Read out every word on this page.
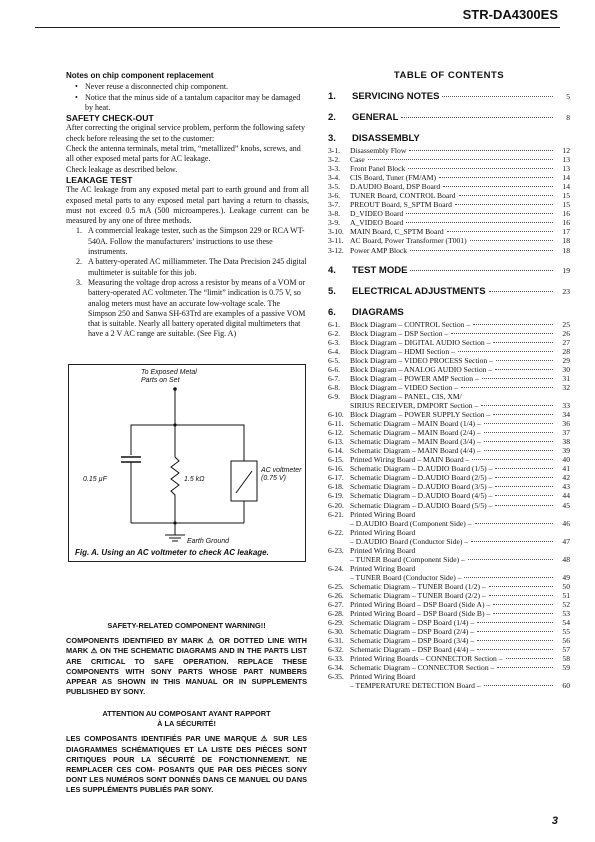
STR-DA4300ES

Notes on chip component replacement

• Never reuse a disconnected chip component.
• Notice that the minus side of a tantalum capacitor may be damaged by heat.

SAFETY CHECK-OUT

After correcting the original service problem, perform the following safety check before releasing the set to the customer:

Check the antenna terminals, metal trim, “metallized” knobs, screws, and all other exposed metal parts for AC leakage.

Check leakage as described below.

LEAKAGE TEST

The AC leakage from any exposed metal part to earth ground and from all exposed metal parts to any exposed metal part having a return to chassis, must not exceed 0.5 mA (500 microamperes.). Leakage current can be measured by any one of three methods.

1. A commercial leakage tester, such as the Simpson 229 or RCA WT-540A. Follow the manufacturers’ instructions to use these instruments.
2. A battery-operated AC milliammeter. The Data Precision 245 digital multimeter is suitable for this job.
3. Measuring the voltage drop across a resistor by means of a VOM or battery-operated AC voltmeter. The “limit” indication is 0.75 V, so analog meters must have an accurate low-voltage scale. The Simpson 250 and Sanwa SH-63Trd are examples of a passive VOM that is suitable. Nearly all battery operated digital multimeters that have a 2 V AC range are suitable. (See Fig. A)
To Exposed Metal Parts on Set
0.15 µF	1.5 kΩ
AC voltmeter (0.75 V)
Earth Ground
Fig. A. Using an AC voltmeter to check AC leakage.
SAFETY-RELATED COMPONENT WARNING!!
COMPONENTS IDENTIFIED BY MARK ⚠ OR DOTTED LINE WITH MARK ⚠ ON THE SCHEMATIC DIAGRAMS AND IN THE PARTS LIST ARE CRITICAL TO SAFE OPERATION. REPLACE THESE COMPONENTS WITH SONY PARTS WHOSE PART NUMBERS APPEAR AS SHOWN IN THIS MANUAL OR IN SUPPLEMENTS PUBLISHED BY SONY.
ATTENTION AU COMPOSANT AYANT RAPPORT
À LA SÉCURITÉ!
LES COMPOSANTS IDENTIFIÉS PAR UNE MARQUE ⚠ SUR LES DIAGRAMMES SCHÉMATIQUES ET LA LISTE DES PIÈCES SONT CRITIQUES POUR LA SÉCURITÉ DE FONCTIONNEMENT. NE REMPLACER CES COM- POSANTS QUE PAR DES PIÈCES SONY DONT LES NUMÉROS SONT DONNÉS DANS CE MANUEL OU DANS LES SUPPLÉMENTS PUBLIÉS PAR SONY.
TABLE OF CONTENTS
1.	SERVICING NOTES	5
2.	GENERAL	8
3.	DISASSEMBLY
3-1.	Disassembly Flow	12
3-2.	Case	13
3-3.	Front Panel Block	13
3-4.	CIS Board, Tuner (FM/AM)	14
3-5.	D.AUDIO Board, DSP Board	14
3-6.	TUNER Board, CONTROL Board	15
3-7.	PREOUT Board, S_SPTM Board	15
3-8.	D_VIDEO Board	16
3-9.	A_VIDEO Board	16
3-10. MAIN Board, C_SPTM Board	17
3-11. AC Board, Power Transformer (T001)	18
3-12. Power AMP Block	18
4.	TEST MODE	19
5.	ELECTRICAL ADJUSTMENTS	23
6.	DIAGRAMS
6-1.	Block Diagram – CONTROL Section –	25
6-2.	Block Diagram – DSP Section –	26
6-3.	Block Diagram – DIGITAL AUDIO Section –	27
6-4.	Block Diagram – HDMI Section –	28
6-5.	Block Diagram – VIDEO PROCESS Section –	29
6-6.	Block Diagram – ANALOG AUDIO Section –	30
6-7.	Block Diagram – POWER AMP Section –	31
6-8.	Block Diagram – VIDEO Section –	32
6-9.	Block Diagram – PANEL, CIS, XM/
SIRIUS RECEIVER, DMPORT Section –	33
6-10. Block Diagram – POWER SUPPLY Section –	34
6-11. Schematic Diagram – MAIN Board (1/4) –	36
6-12. Schematic Diagram – MAIN Board (2/4) –	37
6-13. Schematic Diagram – MAIN Board (3/4) –	38
6-14. Schematic Diagram – MAIN Board (4/4) –	39
6-15. Printed Wiring Board – MAIN Board –	40
6-16. Schematic Diagram – D.AUDIO Board (1/5) –	41
6-17. Schematic Diagram – D.AUDIO Board (2/5) –	42
6-18. Schematic Diagram – D.AUDIO Board (3/5) –	43
6-19. Schematic Diagram – D.AUDIO Board (4/5) –	44
6-20. Schematic Diagram – D.AUDIO Board (5/5) –	45
6-21. Printed Wiring Board
– D.AUDIO Board (Component Side) –	46
6-22. Printed Wiring Board
– D.AUDIO Board (Conductor Side) –	47
6-23. Printed Wiring Board
– TUNER Board (Component Side) –	48
6-24. Printed Wiring Board
– TUNER Board (Conductor Side) –	49
6-25. Schematic Diagram – TUNER Board (1/2) –	50
6-26. Schematic Diagram – TUNER Board (2/2) –	51
6-27. Printed Wiring Board – DSP Board (Side A) –	52
6-28. Printed Wiring Board – DSP Board (Side B) –	53
6-29. Schematic Diagram – DSP Board (1/4) –	54
6-30. Schematic Diagram – DSP Board (2/4) –	55
6-31. Schematic Diagram – DSP Board (3/4) –	56
6-32. Schematic Diagram – DSP Board (4/4) –	57
6-33. Printed Wiring Boards – CONNECTOR Section –	58
6-34. Schematic Diagram – CONNECTOR Section –	59
6-35. Printed Wiring Board
– TEMPERATURE DETECTION Board –	60
3
